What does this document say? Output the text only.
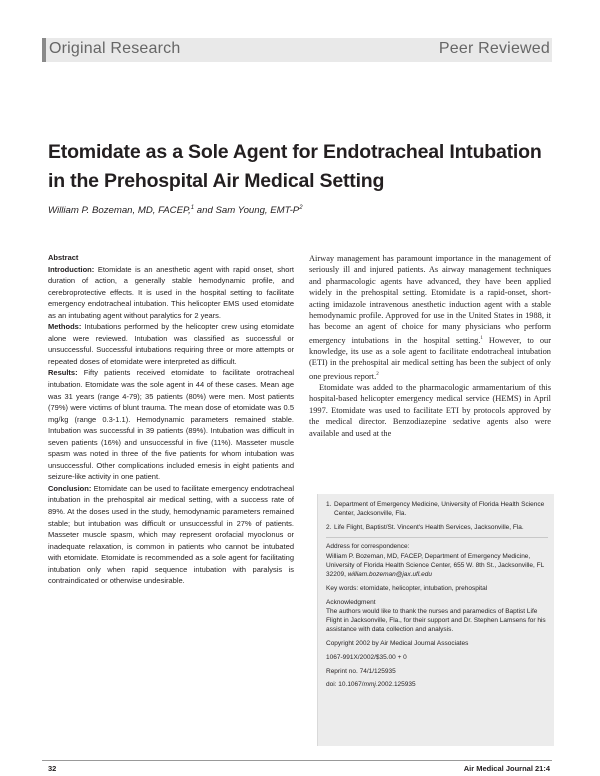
Original Research	Peer Reviewed
Etomidate as a Sole Agent for Endotracheal Intubation
in the Prehospital Air Medical Setting
William P. Bozeman, MD, FACEP,$^1$ and Sam Young, EMT-$P^2$

Abstract

Introduction: Etomidate is an anesthetic agent with rapid onset, short duration of action, a generally stable hemodynamic profile, and cerebroprotective effects. It is used in the hospital setting to facilitate emergency endotracheal intubation. This helicopter EMS used etomidate as an intubating agent without paralytics for 2 years.

Methods: Intubations performed by the helicopter crew using etomidate alone were reviewed. Intubation was classified as successful or unsuccessful. Successful intubations requiring three or more attempts or repeated doses of etomidate were interpreted as difficult.

Results: Fifty patients received etomidate to facilitate orotracheal intubation. Etomidate was the sole agent in 44 of these cases. Mean age was 31 years (range 4-79); 35 patients (80%) were men. Most patients (79%) were victims of blunt trauma. The mean dose of etomidate was 0.5 mg/kg (range 0.3-1.1). Hemodynamic parameters remained stable. Intubation was successful in 39 patients (89%). Intubation was difficult in seven patients (16%) and unsuccessful in five (11%). Masseter muscle spasm was noted in three of the five patients for whom intubation was unsuccessful. Other complications included emesis in eight patients and seizure-like activity in one patient.

Conclusion: Etomidate can be used to facilitate emergency endotracheal intubation in the prehospital air medical setting, with a success rate of 89%. At the doses used in the study, hemodynamic parameters remained stable; but intubation was difficult or unsuccessful in 27% of patients. Masseter muscle spasm, which may represent orofacial myoclonus or inadequate relaxation, is common in patients who cannot be intubated with etomidate. Etomidate is recommended as a sole agent for facilitating intubation only when rapid sequence intubation with paralysis is contraindicated or otherwise undesirable.

Airway management has paramount importance in the management of seriously ill and injured patients. As airway management techniques and pharmacologic agents have advanced, they have been applied widely in the prehospital setting. Etomidate is a rapid-onset, short-acting imidazole intravenous anesthetic induction agent with a stable hemodynamic profile. Approved for use in the United States in 1988, it has become an agent of choice for many physicians who perform emergency intubations in the hospital setting.$^1$ However, to our knowledge, its use as a sole agent to facilitate endotracheal intubation (ETI) in the prehospital air medical setting has been the subject of only one previous report.$^2$

Etomidate was added to the pharmacologic armamentarium of this hospital-based helicopter emergency medical service (HEMS) in April 1997. Etomidate was used to facilitate ETI by protocols approved by the medical director. Benzodiazepine sedative agents also were available and used at the

1. Department of Emergency Medicine, University of Florida Health Science Center, Jacksonville, Fla.

2. Life Flight, Baptist/St. Vincent's Health Services, Jacksonville, Fla.

Address for correspondence:
William P. Bozeman, MD, FACEP, Department of Emergency Medicine, University of Florida Health Science Center, 655 W. 8th St., Jacksonville, FL 32209, william.bozeman@jax.ufl.edu

Key words: etomidate, helicopter, intubation, prehospital

Acknowledgment
The authors would like to thank the nurses and paramedics of Baptist Life Flight in Jacksonville, Fla., for their support and Dr. Stephen Lamsens for his assistance with data collection and analysis.

Copyright 2002 by Air Medical Journal Associates

1067-991X/2002/$35.00 + 0

Reprint no. 74/1/125935

doi: 10.1067/mmj.2002.125935

32	Air Medical Journal 21:4
